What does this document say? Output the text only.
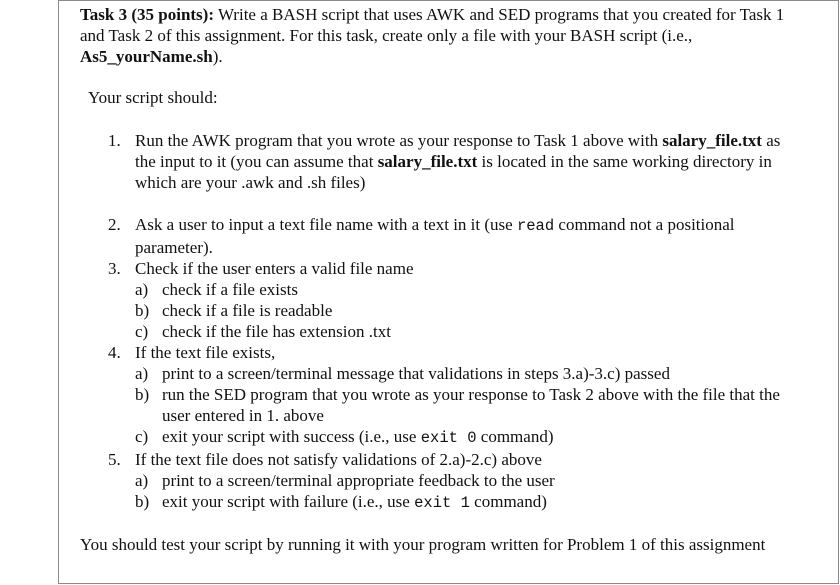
Task 3 (35 points): Write a BASH script that uses AWK and SED programs that you created for Task 1 and Task 2 of this assignment. For this task, create only a file with your BASH script (i.e., As5_yourName.sh).
Your script should:
1. Run the AWK program that you wrote as your response to Task 1 above with salary_file.txt as the input to it (you can assume that salary_file.txt is located in the same working directory in which are your .awk and .sh files)
2. Ask a user to input a text file name with a text in it (use read command not a positional parameter).
3. Check if the user enters a valid file name
a) check if a file exists
b) check if a file is readable
c) check if the file has extension .txt
4. If the text file exists,
a) print to a screen/terminal message that validations in steps 3.a)-3.c) passed
b) run the SED program that you wrote as your response to Task 2 above with the file that the user entered in 1. above
c) exit your script with success (i.e., use exit 0 command)
5. If the text file does not satisfy validations of 2.a)-2.c) above
a) print to a screen/terminal appropriate feedback to the user
b) exit your script with failure (i.e., use exit 1 command)
You should test your script by running it with your program written for Problem 1 of this assignment
